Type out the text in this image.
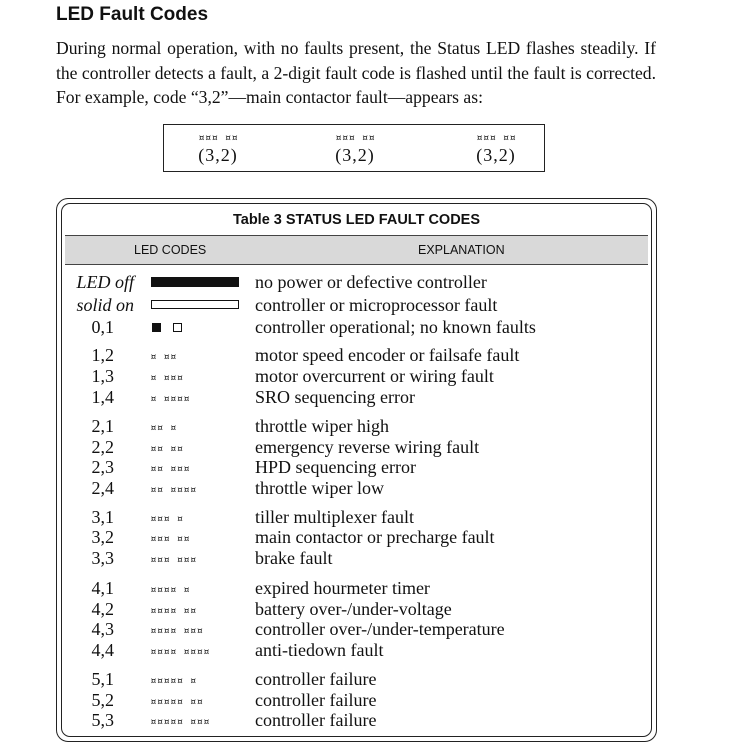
LED Fault Codes
During normal operation, with no faults present, the Status LED flashes steadily. If the controller detects a fault, a 2-digit fault code is flashed until the fault is corrected. For example, code “3,2”—main contactor fault—appears as:
¤¤¤ ¤¤
(3,2)
¤¤¤ ¤¤
(3,2)
¤¤¤ ¤¤
(3,2)
Table 3 STATUS LED FAULT CODES
LED CODES	EXPLANATION
LED off	no power or defective controller
solid on	controller or microprocessor fault
0,1	controller operational; no known faults
1,2	¤ ¤¤	motor speed encoder or failsafe fault
1,3	¤ ¤¤¤	motor overcurrent or wiring fault
1,4	¤ ¤¤¤¤	SRO sequencing error
2,1	¤¤ ¤	throttle wiper high
2,2	¤¤ ¤¤	emergency reverse wiring fault
2,3	¤¤ ¤¤¤	HPD sequencing error
2,4	¤¤ ¤¤¤¤	throttle wiper low
3,1	¤¤¤ ¤	tiller multiplexer fault
3,2	¤¤¤ ¤¤	main contactor or precharge fault
3,3	¤¤¤ ¤¤¤	brake fault
4,1	¤¤¤¤ ¤	expired hourmeter timer
4,2	¤¤¤¤ ¤¤	battery over-/under-voltage
4,3	¤¤¤¤ ¤¤¤	controller over-/under-temperature
4,4	¤¤¤¤ ¤¤¤¤	anti-tiedown fault
5,1	¤¤¤¤¤ ¤	controller failure
5,2	¤¤¤¤¤ ¤¤	controller failure
5,3	¤¤¤¤¤ ¤¤¤	controller failure
